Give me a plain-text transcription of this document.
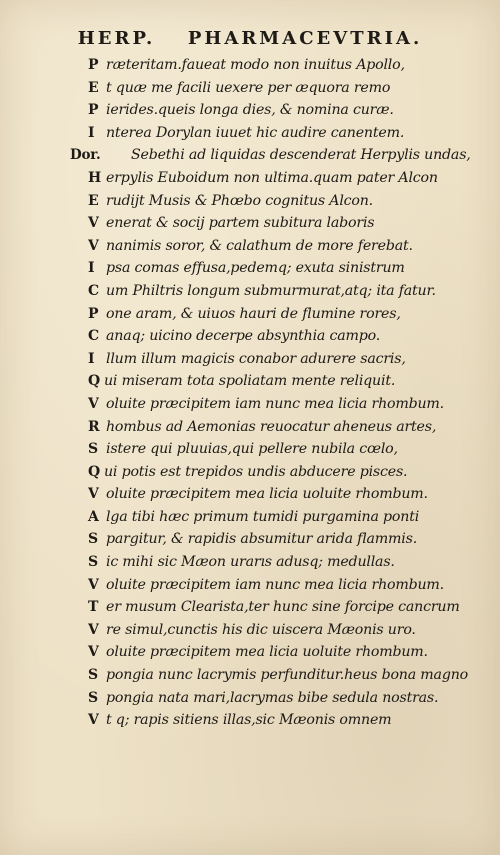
HERP. PHARMACEVTRIA.
P rӕteritam.faueat modo non inuitus Apollo,
E t quӕ me facili uexere per ӕquora remo
P ierides.queis longa dies, & nomina curӕ.
I nterea Dorylan iuuet hic audire canentem.
Dor. Sebethi ad liquidas descenderat Herpylis undas,
H erpylis Euboidum non ultima.quam pater Alcon
E rudijt Musis & Phœbo cognitus Alcon.
V enerat & socij partem subitura laboris
V nanimis soror, & calathum de more ferebat.
I psa comas effusa,pedemq; exuta sinistrum
C um Philtris longum submurmurat,atq; ita fatur.
P one aram, & uiuos hauri de flumine rores,
C anaq; uicino decerpe absynthia campo.
I llum illum magicis conabor adurere sacris,
Q ui miseram tota spoliatam mente reliquit.
V oluite prӕcipitem iam nunc mea licia rhombum.
R hombus ad Aemonias reuocatur aheneus artes,
S istere qui pluuias,qui pellere nubila cœlo,
Q ui potis est trepidos undis abducere pisces.
V oluite prӕcipitem mea licia uoluite rhombum.
A lga tibi hӕc primum tumidi purgamina ponti
S pargitur, & rapidis absumitur arida flammis.
S ic mihi sic Mӕon urarıs adusq; medullas.
V oluite prӕcipitem iam nunc mea licia rhombum.
T er musum Clearista,ter hunc sine forcipe cancrum
V re simul,cunctis his dic uiscera Mӕonis uro.
V oluite prӕcipitem mea licia uoluite rhombum.
S pongia nunc lacrymis perfunditur.heus bona magno
S pongia nata mari,lacrymas bibe sedula nostras.
V t q; rapis sitiens illas,sic Mӕonis omnem
